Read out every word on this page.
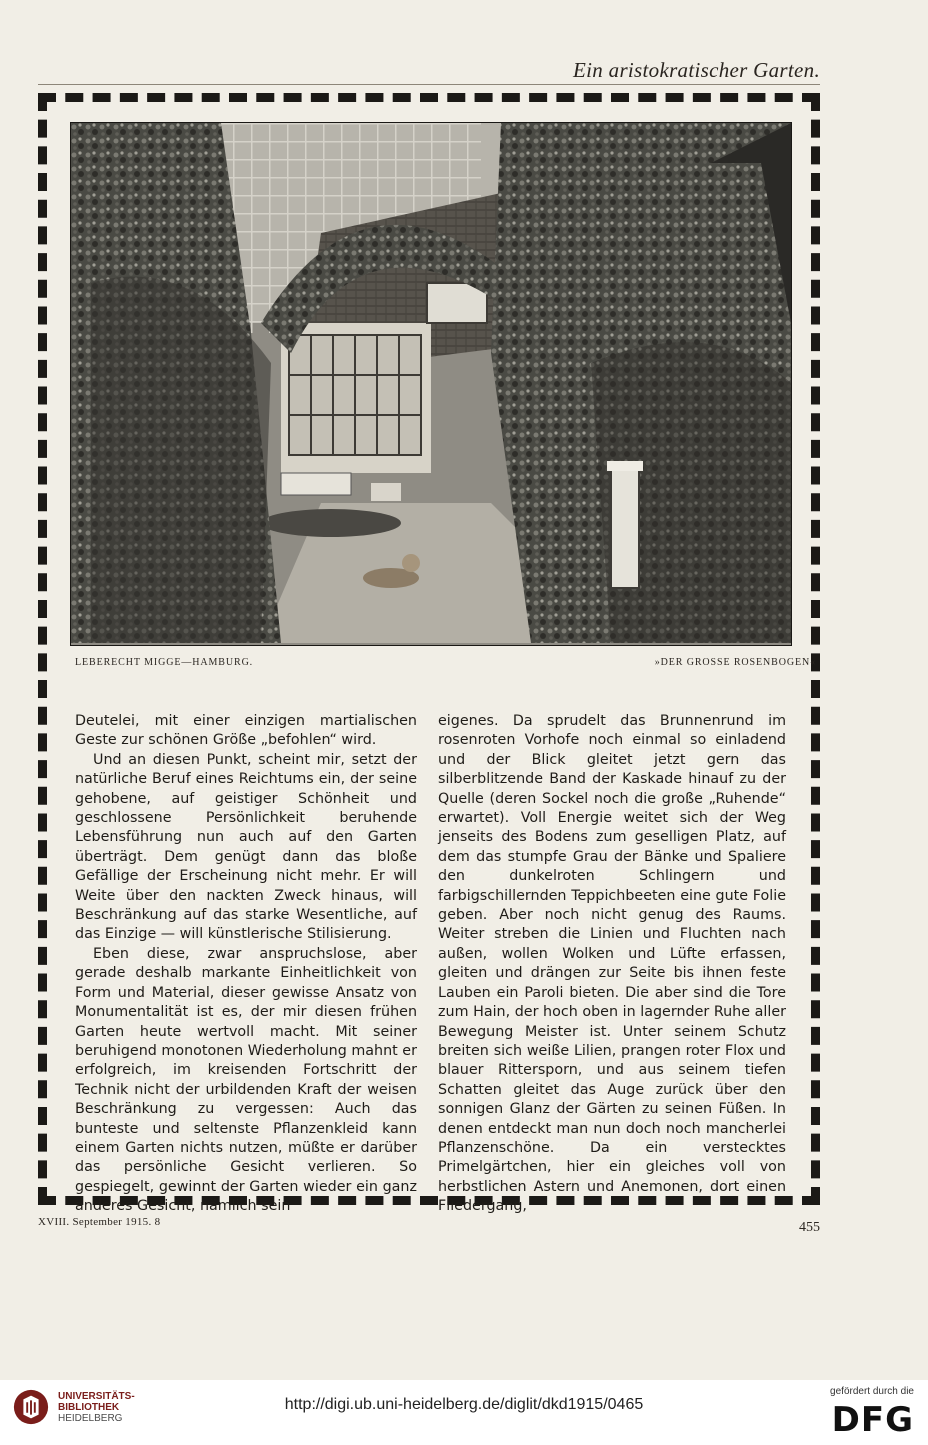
Ein aristokratischer Garten.
LEBERECHT MIGGE—HAMBURG.	»DER GROSSE ROSENBOGEN«

Deutelei, mit einer einzigen martialischen Geste zur schönen Größe „befohlen“ wird.

Und an diesen Punkt, scheint mir, setzt der natürliche Beruf eines Reichtums ein, der seine gehobene, auf geistiger Schönheit und geschlossene Persönlichkeit beruhende Lebensführung nun auch auf den Garten überträgt. Dem genügt dann das bloße Gefällige der Erscheinung nicht mehr. Er will Weite über den nackten Zweck hinaus, will Beschränkung auf das starke Wesentliche, auf das Einzige — will künstlerische Stilisierung.

Eben diese, zwar anspruchslose, aber gerade deshalb markante Einheitlichkeit von Form und Material, dieser gewisse Ansatz von Monumentalität ist es, der mir diesen frühen Garten heute wertvoll macht. Mit seiner beruhigend monotonen Wiederholung mahnt er erfolgreich, im kreisenden Fortschritt der Technik nicht der urbildenden Kraft der weisen Beschränkung zu vergessen: Auch das bunteste und seltenste Pflanzenkleid kann einem Garten nichts nutzen, müßte er darüber das persönliche Gesicht verlieren. So gespiegelt, gewinnt der Garten wieder ein ganz anderes Gesicht, nämlich sein

eigenes. Da sprudelt das Brunnenrund im rosenroten Vorhofe noch einmal so einladend und der Blick gleitet jetzt gern das silberblitzende Band der Kaskade hinauf zu der Quelle (deren Sockel noch die große „Ruhende“ erwartet). Voll Energie weitet sich der Weg jenseits des Bodens zum geselligen Platz, auf dem das stumpfe Grau der Bänke und Spaliere den dunkelroten Schlingern und farbigschillernden Teppichbeeten eine gute Folie geben. Aber noch nicht genug des Raums. Weiter streben die Linien und Fluchten nach außen, wollen Wolken und Lüfte erfassen, gleiten und drängen zur Seite bis ihnen feste Lauben ein Paroli bieten. Die aber sind die Tore zum Hain, der hoch oben in lagernder Ruhe aller Bewegung Meister ist. Unter seinem Schutz breiten sich weiße Lilien, prangen roter Flox und blauer Rittersporn, und aus seinem tiefen Schatten gleitet das Auge zurück über den sonnigen Glanz der Gärten zu seinen Füßen. In denen entdeckt man nun doch noch mancherlei Pflanzenschöne. Da ein verstecktes Primelgärtchen, hier ein gleiches voll von herbstlichen Astern und Anemonen, dort einen Fliedergang,

XVIII. September 1915. 8	455
UNIVERSITÄTS-
BIBLIOTHEK
HEIDELBERG
http://digi.ub.uni-heidelberg.de/diglit/dkd1915/0465
gefördert durch die
DFG
